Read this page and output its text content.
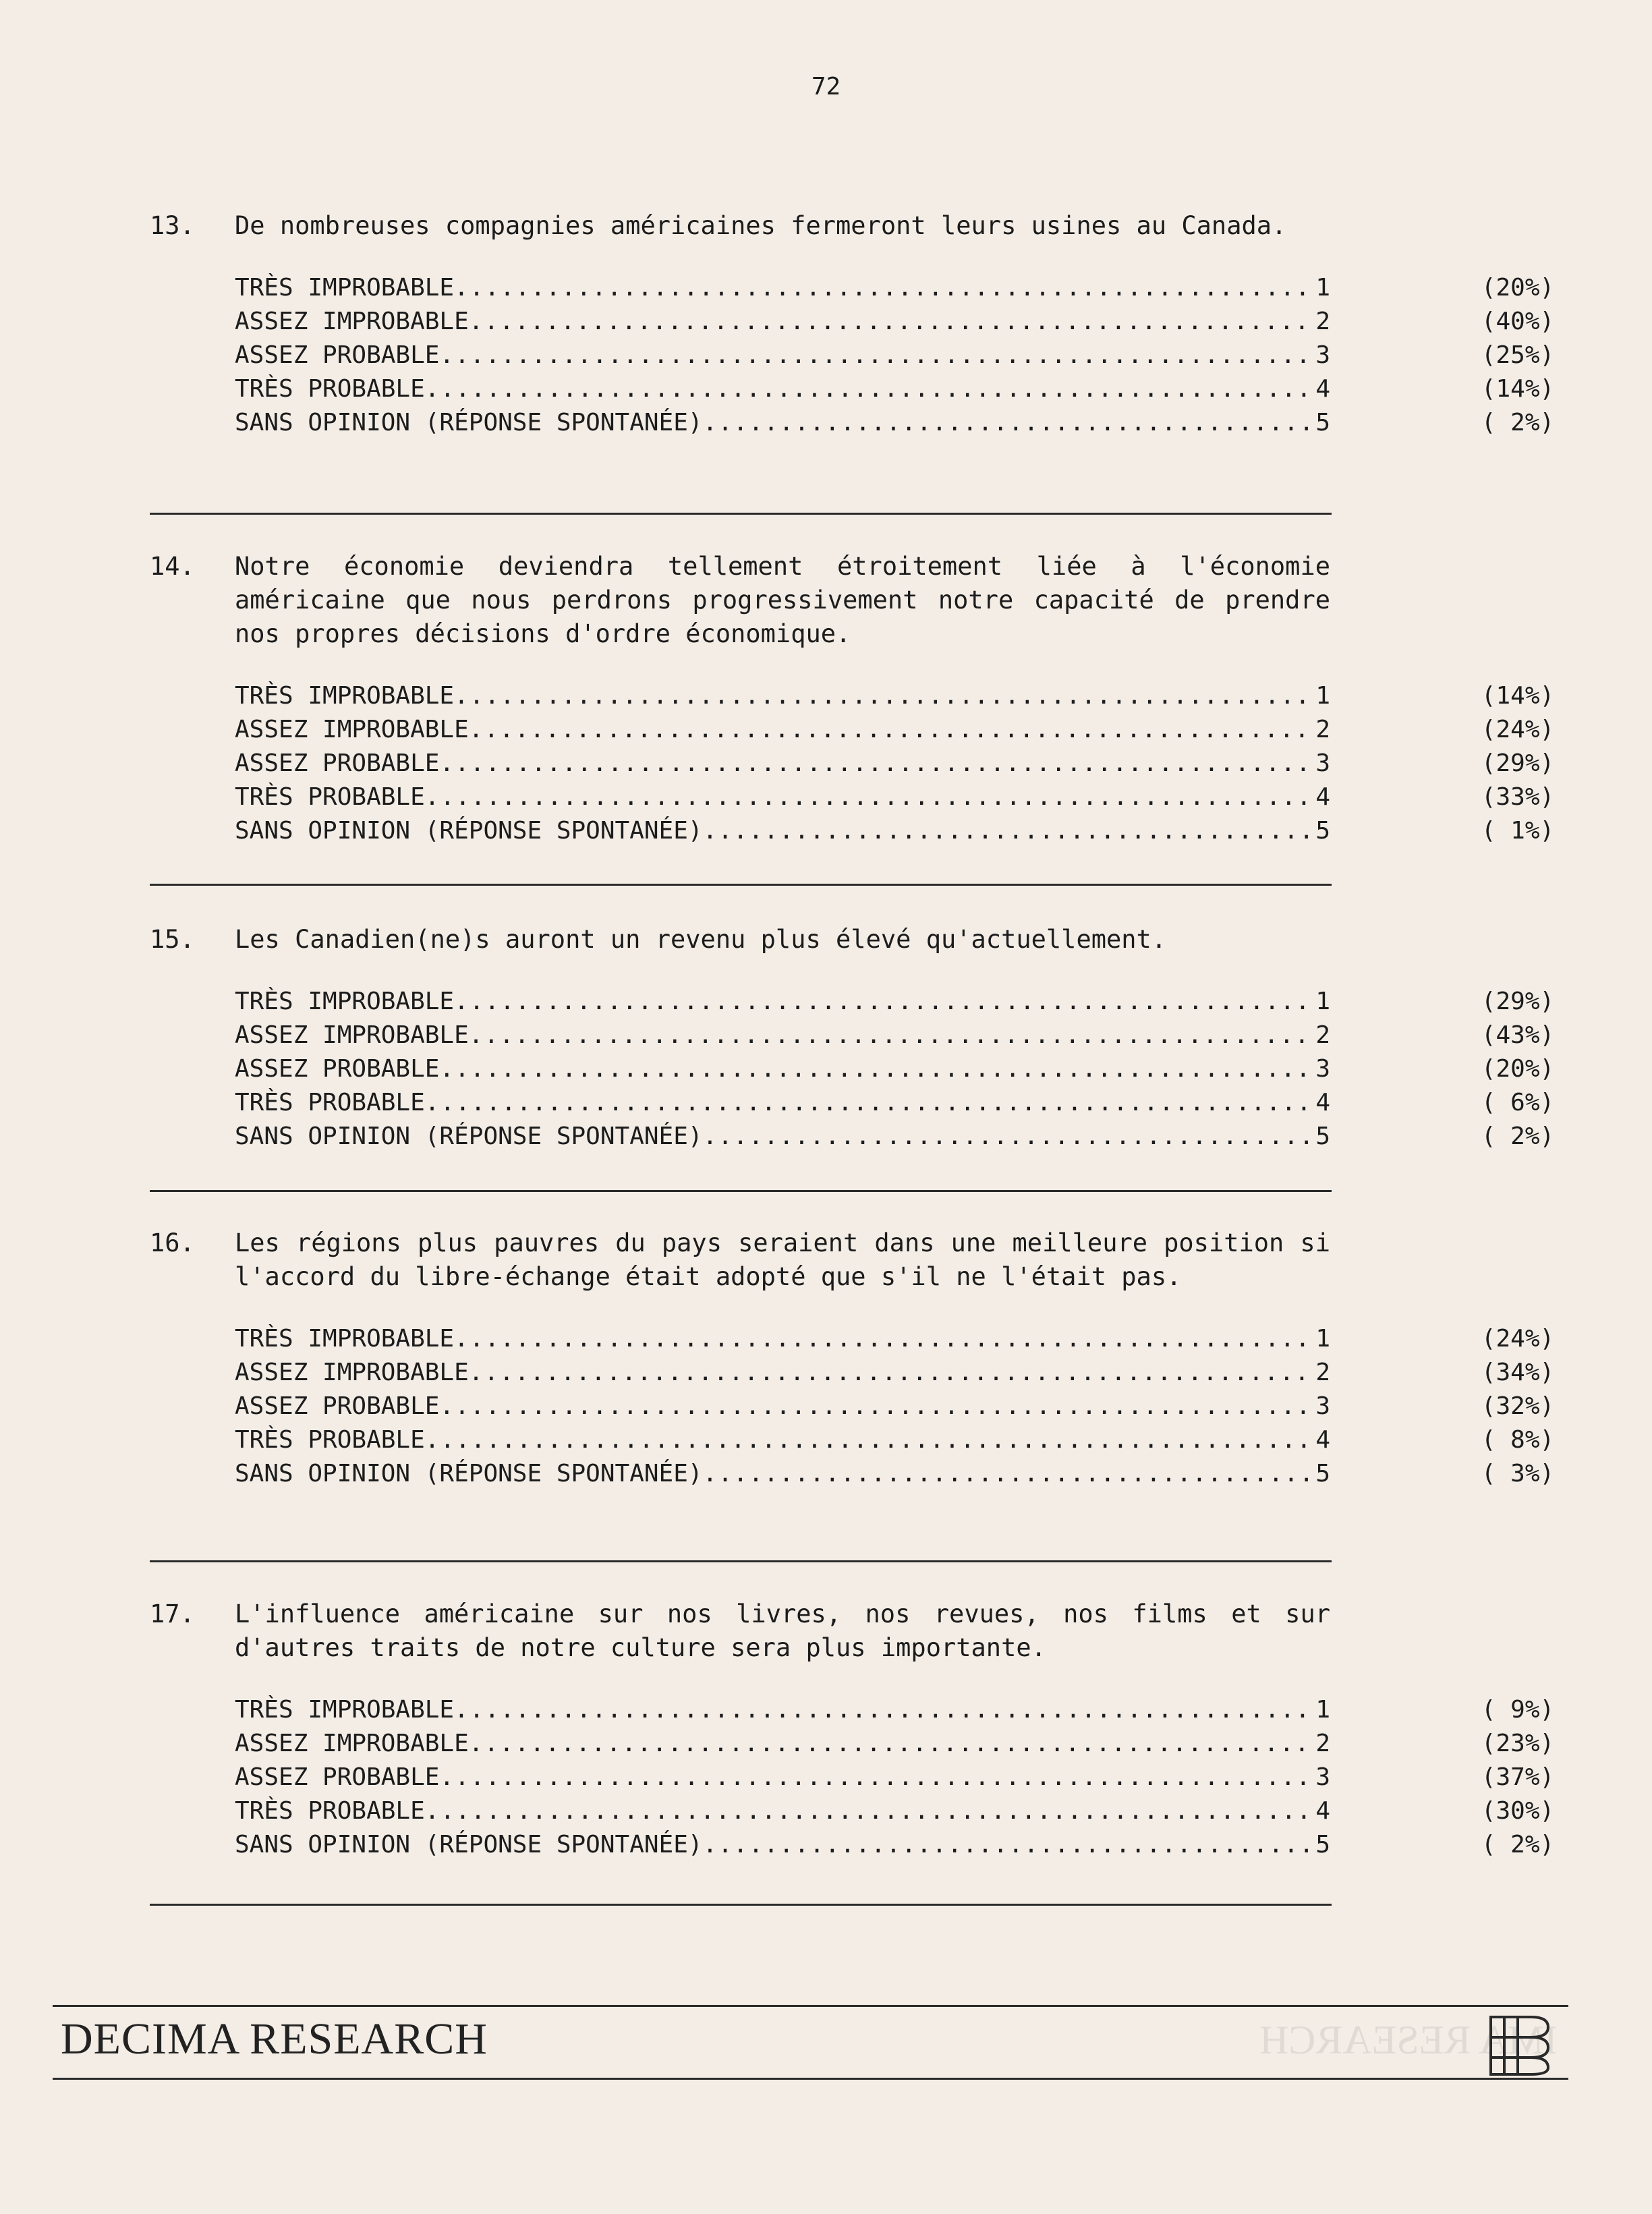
72
13. De nombreuses compagnies américaines fermeront leurs usines au Canada.
TRÈS IMPROBABLE .....	1	(20%)
ASSEZ IMPROBABLE .....	2	(40%)
ASSEZ PROBABLE .....	3	(25%)
TRÈS PROBABLE .....	4	(14%)
SANS OPINION (RÉPONSE SPONTANÉE) .....	5	( 2%)
14. Notre économie deviendra tellement étroitement liée à l'économie américaine que nous perdrons progressivement notre capacité de prendre nos propres décisions d'ordre économique.
TRÈS IMPROBABLE .....	1	(14%)
ASSEZ IMPROBABLE .....	2	(24%)
ASSEZ PROBABLE .....	3	(29%)
TRÈS PROBABLE .....	4	(33%)
SANS OPINION (RÉPONSE SPONTANÉE) .....	5	( 1%)
15. Les Canadien(ne)s auront un revenu plus élevé qu'actuellement.
TRÈS IMPROBABLE .....	1	(29%)
ASSEZ IMPROBABLE .....	2	(43%)
ASSEZ PROBABLE .....	3	(20%)
TRÈS PROBABLE .....	4	( 6%)
SANS OPINION (RÉPONSE SPONTANÉE) .....	5	( 2%)
16. Les régions plus pauvres du pays seraient dans une meilleure position si l'accord du libre-échange était adopté que s'il ne l'était pas.
TRÈS IMPROBABLE .....	1	(24%)
ASSEZ IMPROBABLE .....	2	(34%)
ASSEZ PROBABLE .....	3	(32%)
TRÈS PROBABLE .....	4	( 8%)
SANS OPINION (RÉPONSE SPONTANÉE) .....	5	( 3%)
17. L'influence américaine sur nos livres, nos revues, nos films et sur d'autres traits de notre culture sera plus importante.
TRÈS IMPROBABLE .....	1	( 9%)
ASSEZ IMPROBABLE .....	2	(23%)
ASSEZ PROBABLE .....	3	(37%)
TRÈS PROBABLE .....	4	(30%)
SANS OPINION (RÉPONSE SPONTANÉE) .....	5	( 2%)
DECIMA RESEARCH	IMA RESEARCH
